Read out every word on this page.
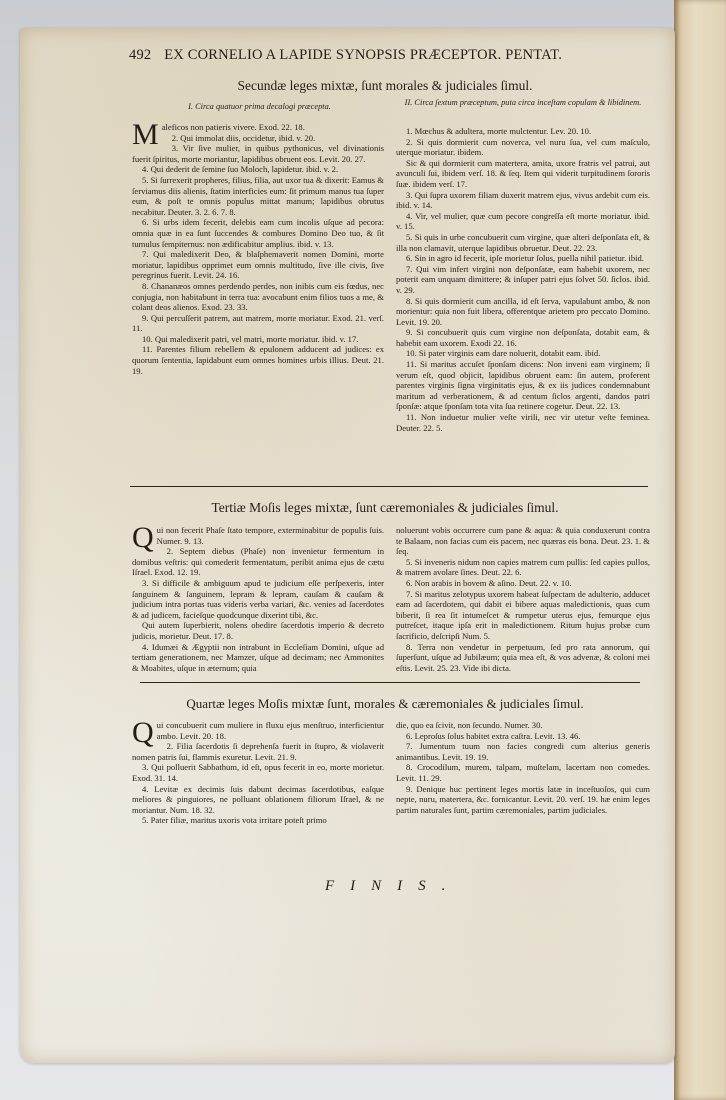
492 EX CORNELIO A LAPIDE SYNOPSIS PRÆCEPTOR. PENTAT.
Secundæ leges mixtæ, ſunt morales & judiciales ſimul.
I. Circa quatuor prima decalogi præcepta.	II. Circa ſextum præceptum, puta circa inceſtam copulam & libidinem.

Maleficos non patieris vivere. Exod. 22. 18.

2. Qui immolat diis, occidetur, ibid. v. 20.

3. Vir ſive mulier, in quibus pythonicus, vel divinationis fuerit ſpiritus, morte moriantur, lapidibus obruent eos. Levit. 20. 27.

4. Qui dederit de ſemine ſuo Moloch, lapidetur. ibid. v. 2.

5. Si ſurrexerit propheres, filius, filia, aut uxor tua & dixerit: Eamus & ſerviamus diis alienis, ſtatim interficies eum: ſit primum manus tua ſuper eum, & poſt te omnis populus mittat manum; lapidibus obrutus necabitur. Deuter. 3. 2. 6. 7. 8.

6. Si urbs idem fecerit, delebis eam cum incolis uſque ad pecora: omnia quæ in ea ſunt ſuccendes & combures Domino Deo tuo, & ſit tumulus ſempiternus: non ædificabitur amplius. ibid. v. 13.

7. Qui maledixerit Deo, & blaſphemaverit nomen Domini, morte moriatur, lapidibus opprimet eum omnis multitudo, ſive ille civis, ſive peregrinus fuerit. Levit. 24. 16.

8. Chananæos omnes perdendo perdes, non inibis cum eis fœdus, nec conjugia, non habitabunt in terra tua: avocabunt enim filios tuos a me, & colant deos alienos. Exod. 23. 33.

9. Qui percuſſerit patrem, aut matrem, morte moriatur. Exod. 21. verſ. 11.

10. Qui maledixerit patri, vel matri, morte moriatur. ibid. v. 17.

11. Parentes filium rebellem & epulonem adducent ad judices: ex quorum ſententia, lapidabunt eum omnes homines urbis illius. Deut. 21. 19.

1. Mœchus & adultera, morte mulctentur. Lev. 20. 10.

2. Si quis dormierit cum noverca, vel nuru ſua, vel cum maſculo, uterque moriatur. ibidem.

Sic & qui dormierit cum matertera, amita, uxore fratris vel patrui, aut avunculi ſui, ibidem verſ. 18. & ſeq. Item qui viderit turpitudinem ſororis ſuæ. ibidem verſ. 17.

3. Qui ſupra uxorem filiam duxerit matrem ejus, vivus ardebit cum eis. ibid. v. 14.

4. Vir, vel mulier, quæ cum pecore congreſſa eſt morte moriatur. ibid. v. 15.

5. Si quis in urbe concubuerit cum virgine, quæ alteri deſponſata eſt, & illa non clamavit, uterque lapidibus obruetur. Deut. 22. 23.

6. Sin in agro id fecerit, ipſe morietur ſolus, puella nihil patietur. ibid.

7. Qui vim infert virgini non deſponſatæ, eam habebit uxorem, nec poterit eam unquam dimittere; & inſuper patri ejus ſolvet 50. ſiclos. ibid. v. 29.

8. Si quis dormierit cum ancilla, id eſt ſerva, vapulabunt ambo, & non morientur: quia non fuit libera, offerentque arietem pro peccato Domino. Levit. 19. 20.

9. Si concubuerit quis cum virgine non deſponſata, dotabit eam, & habebit eam uxorem. Exodi 22. 16.

10. Si pater virginis eam dare noluerit, dotabit eam. ibid.

11. Si maritus accuſet ſponſam dicens: Non inveni eam virginem; ſi verum eſt, quod objicit, lapidibus obruent eam: ſin autem, proferent parentes virginis ſigna virginitatis ejus, & ex iis judices condemnabunt maritum ad verberationem, & ad centum ſiclos argenti, dandos patri ſponſæ: atque ſponſam tota vita ſua retinere cogetur. Deut. 22. 13.

11. Non induetur mulier veſte virili, nec vir utetur veſte feminea. Deuter. 22. 5.

Tertiæ Moſis leges mixtæ, ſunt cæremoniales & judiciales ſimul.

Qui non fecerit Phaſe ſtato tempore, exterminabitur de populis ſuis. Numer. 9. 13.

2. Septem diebus (Phaſe) non invenietur fermentum in domibus veſtris: qui comederit fermentatum, peribit anima ejus de cætu Iſrael. Exod. 12. 19.

3. Si difficile & ambiguum apud te judicium eſſe perſpexeris, inter ſanguinem & ſanguinem, lepram & lepram, cauſam & cauſam & judicium intra portas tuas videris verba variari, &c. venies ad ſacerdotes & ad judicem, facieſque quodcunque dixerint tibi, &c.

Qui autem ſuperbierit, nolens obedire ſacerdotis imperio & decreto judicis, morietur. Deut. 17. 8.

4. Idumæi & Ægyptii non intrabunt in Eccleſiam Domini, uſque ad tertiam generationem, nec Mamzer, uſque ad decimam; nec Ammonites & Moabites, uſque in æternum; quia

noluerunt vobis occurrere cum pane & aqua: & quia conduxerunt contra te Balaam, non facias cum eis pacem, nec quæras eis bona. Deut. 23. 1. & ſeq.

5. Si inveneris nidum non capies matrem cum pullis: ſed capies pullos, & matrem avolare ſines. Deut. 22. 6.

6. Non arabis in bovem & aſino. Deut. 22. v. 10.

7. Si maritus zelotypus uxorem habeat ſuſpectam de adulterio, adducet eam ad ſacerdotem, qui dabit ei bibere aquas maledictionis, quas cum biberit, ſi rea ſit intumeſcet & rumpetur uterus ejus, femurque ejus putreſcet, itaque ipſa erit in maledictionem. Ritum hujus probæ cum ſacrificio, deſcripſi Num. 5.

8. Terra non vendetur in perpetuum, ſed pro rata annorum, qui ſuperſunt, uſque ad Jubilæum; quia mea eſt, & vos advenæ, & coloni mei eſtis. Levit. 25. 23. Vide ibi dicta.

Quartæ leges Moſis mixtæ ſunt, morales & cæremoniales & judiciales ſimul.

Qui concubuerit cum muliere in fluxu ejus menſtruo, interficientur ambo. Levit. 20. 18.

2. Filia ſacerdotis ſi deprehenſa fuerit in ſtupro, & violaverit nomen patris ſui, flammis exuretur. Levit. 21. 9.

3. Qui polluerit Sabbathum, id eſt, opus fecerit in eo, morte morietur. Exod. 31. 14.

4. Levitæ ex decimis ſuis dabunt decimas ſacerdotibus, eaſque meliores & pinguiores, ne polluant oblationem filiorum Iſrael, & ne moriantur. Num. 18. 32.

5. Pater filiæ, maritus uxoris vota irritare poteſt primo

die, quo ea ſcivit, non ſecundo. Numer. 30.

6. Leproſus ſolus habitet extra caſtra. Levit. 13. 46.

7. Jumentum tuum non facies congredi cum alterius generis animantibus. Levit. 19. 19.

8. Crocodilum, murem, talpam, muſtelam, lacertam non comedes. Levit. 11. 29.

9. Denique huc pertinent leges mortis latæ in inceſtuoſos, qui cum nepte, nuru, matertera, &c. fornicantur. Levit. 20. verſ. 19. hæ enim leges partim naturales ſunt, partim cæremoniales, partim judiciales.

FINIS.
